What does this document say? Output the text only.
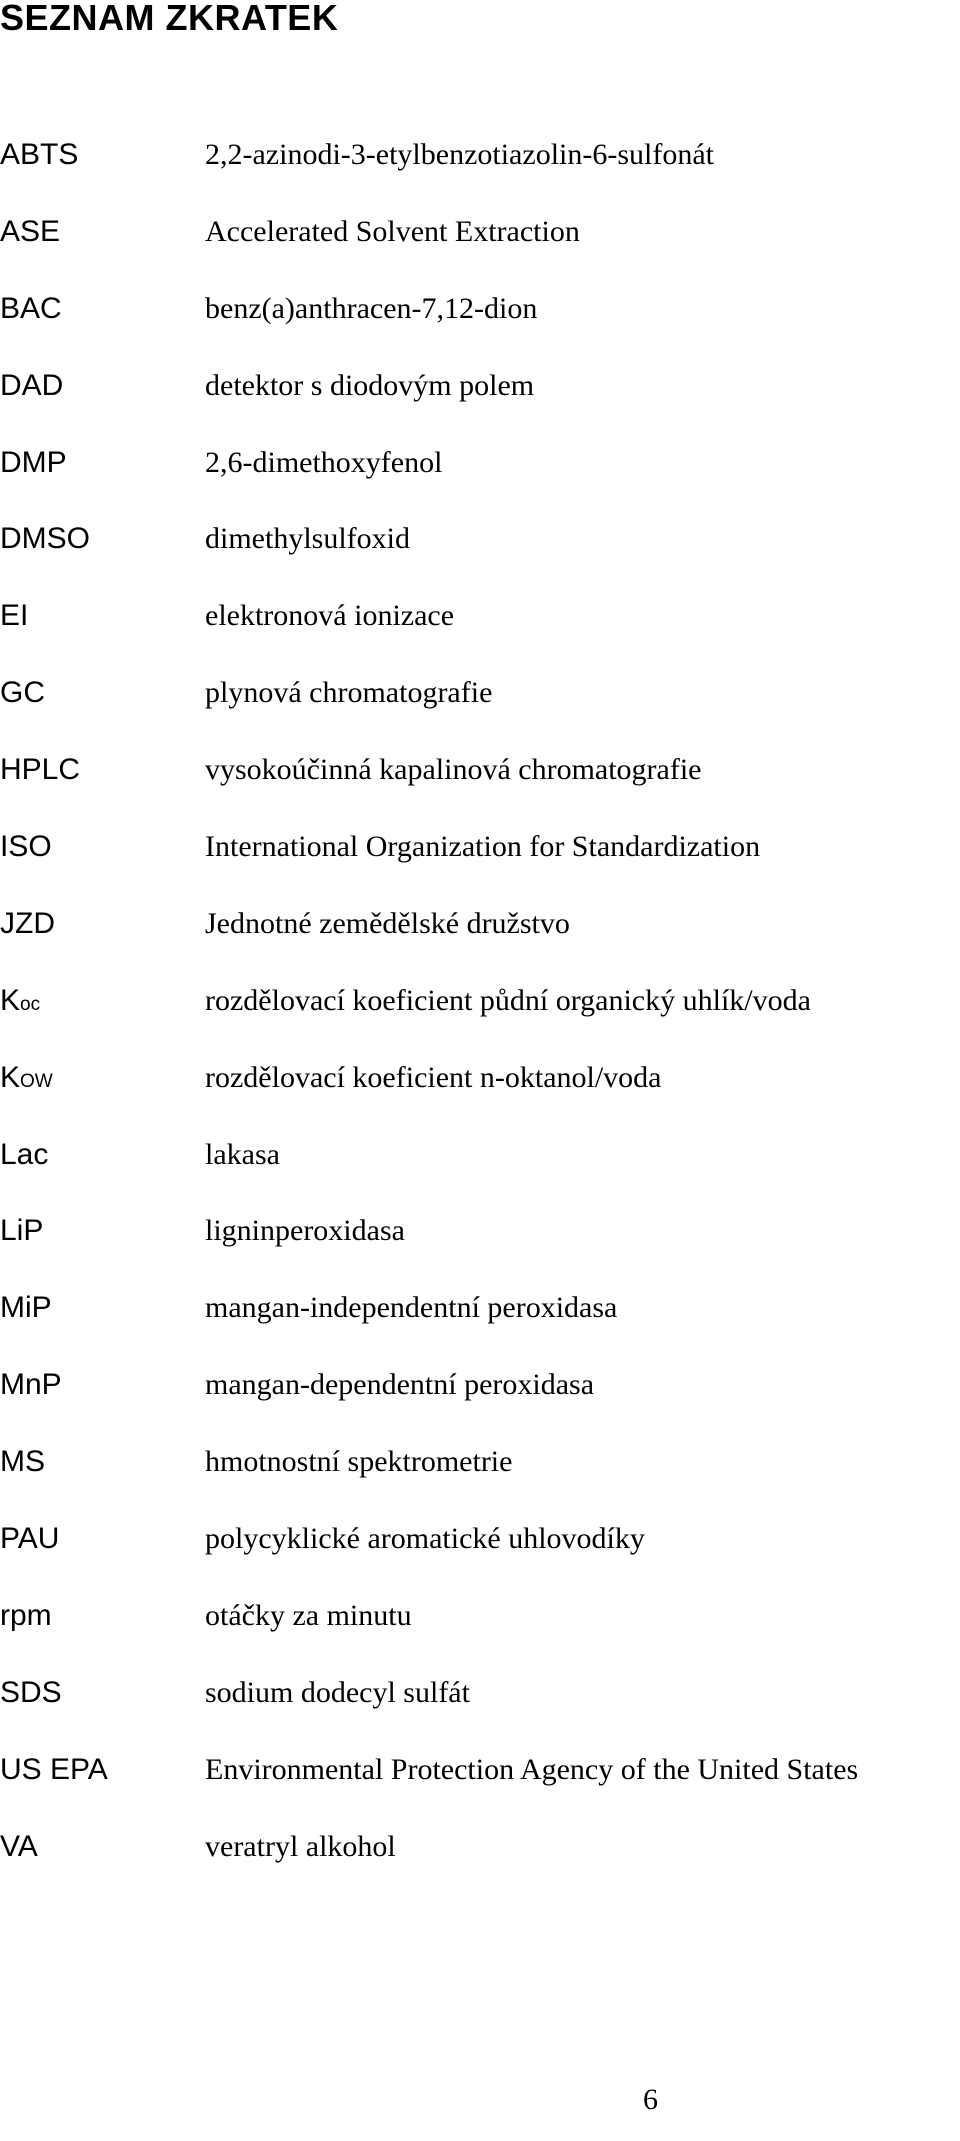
SEZNAM ZKRATEK
ABTS	2,2-azinodi-3-etylbenzotiazolin-6-sulfonát
ASE	Accelerated Solvent Extraction
BAC	benz(a)anthracen-7,12-dion
DAD	detektor s diodovým polem
DMP	2,6-dimethoxyfenol
DMSO	dimethylsulfoxid
EI	elektronová ionizace
GC	plynová chromatografie
HPLC	vysokoúčinná kapalinová chromatografie
ISO	International Organization for Standardization
JZD	Jednotné zemědělské družstvo
Koc	rozdělovací koeficient půdní organický uhlík/voda
KOW	rozdělovací koeficient n-oktanol/voda
Lac	lakasa
LiP	ligninperoxidasa
MiP	mangan-independentní peroxidasa
MnP	mangan-dependentní peroxidasa
MS	hmotnostní spektrometrie
PAU	polycyklické aromatické uhlovodíky
rpm	otáčky za minutu
SDS	sodium dodecyl sulfát
US EPA	Environmental Protection Agency of the United States
VA	veratryl alkohol
6
